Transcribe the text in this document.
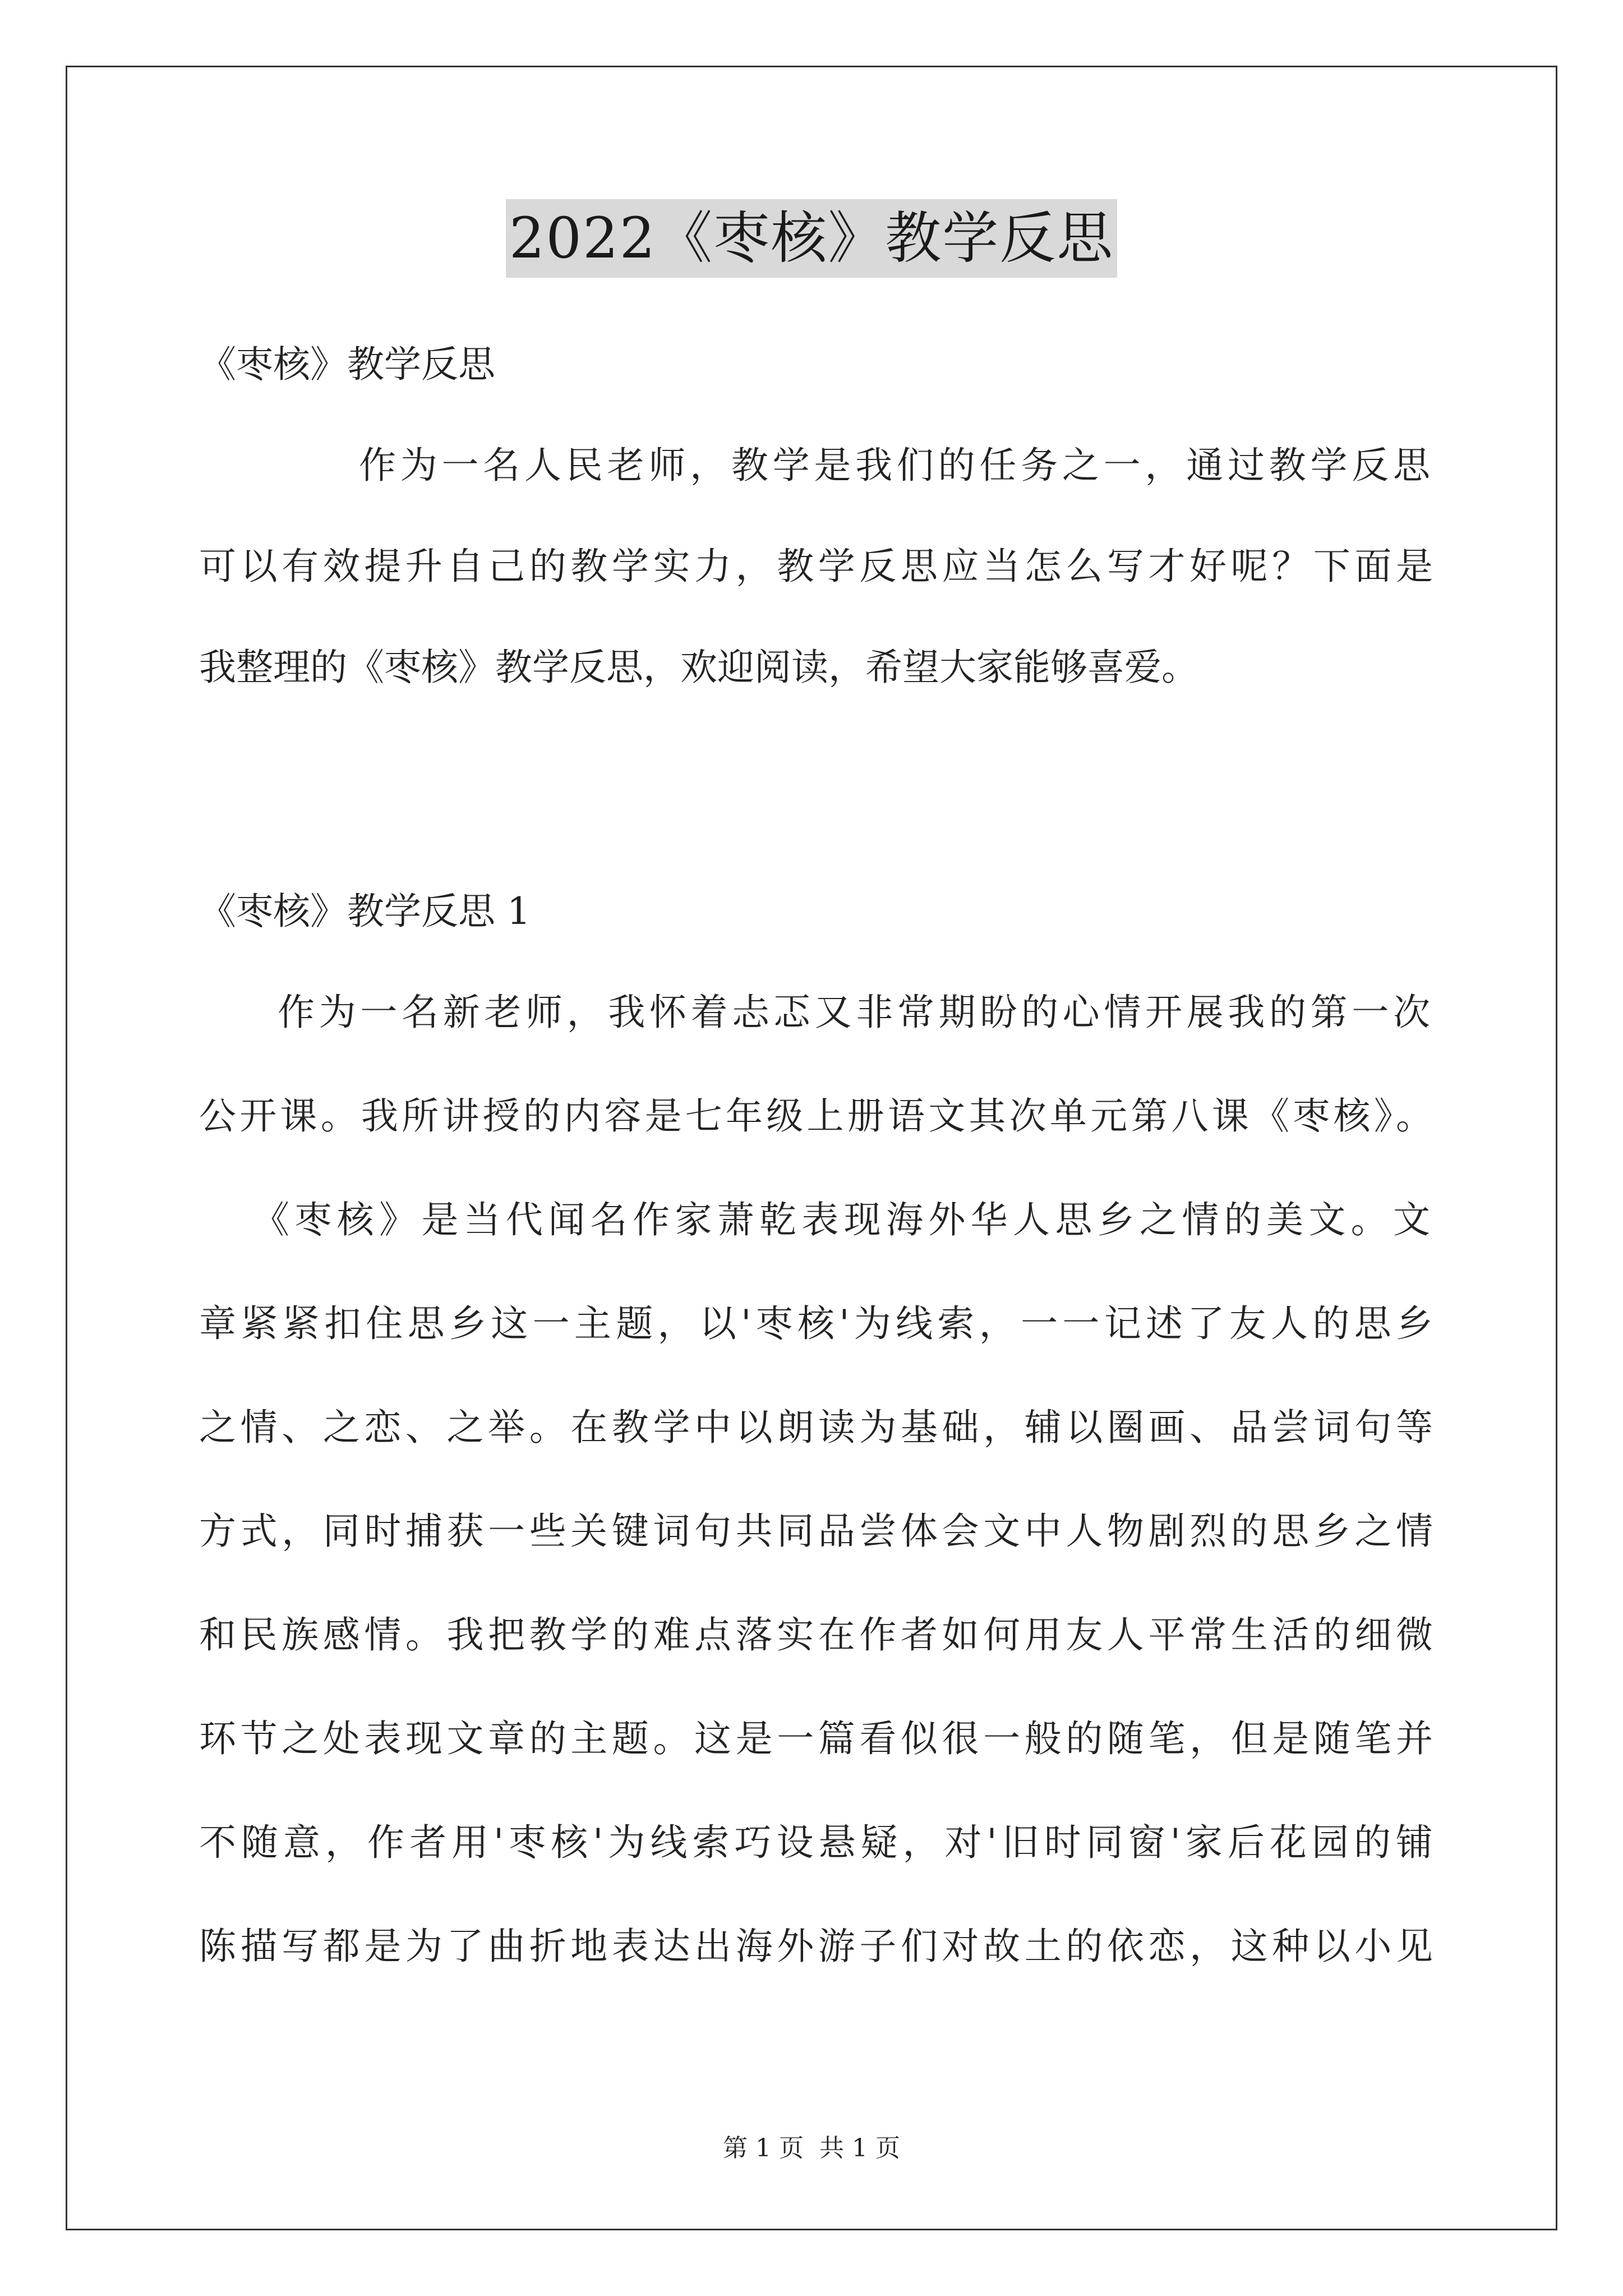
2022《枣核》教学反思
《枣核》教学反思
作为一名人民老师，教学是我们的任务之一，通过教学反思
可以有效提升自己的教学实力，教学反思应当怎么写才好呢？下面是
我整理的《枣核》教学反思，欢迎阅读，希望大家能够喜爱。
《枣核》教学反思 1
作为一名新老师，我怀着忐忑又非常期盼的心情开展我的第一次
公开课。我所讲授的内容是七年级上册语文其次单元第八课《枣核》。
《枣核》是当代闻名作家萧乾表现海外华人思乡之情的美文。文
章紧紧扣住思乡这一主题，以'枣核'为线索，一一记述了友人的思乡
之情、之恋、之举。在教学中以朗读为基础，辅以圈画、品尝词句等
方式，同时捕获一些关键词句共同品尝体会文中人物剧烈的思乡之情
和民族感情。我把教学的难点落实在作者如何用友人平常生活的细微
环节之处表现文章的主题。这是一篇看似很一般的随笔，但是随笔并
不随意，作者用'枣核'为线索巧设悬疑，对'旧时同窗'家后花园的铺
陈描写都是为了曲折地表达出海外游子们对故土的依恋，这种以小见
第 1 页 共 1 页
